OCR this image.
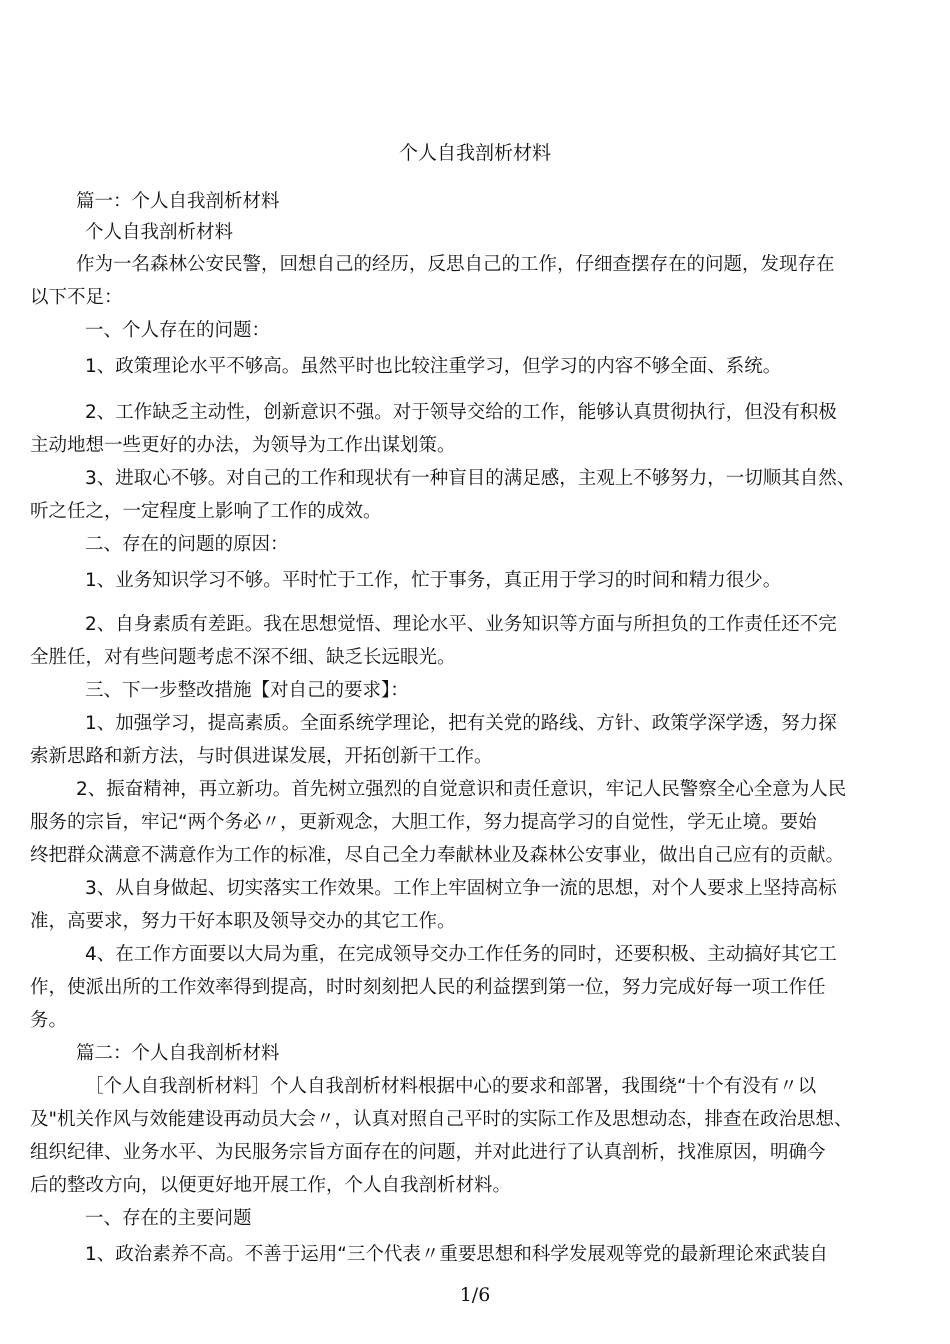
个人自我剖析材料
篇一：个人自我剖析材料
个人自我剖析材料
作为一名森林公安民警，回想自己的经历，反思自己的工作，仔细查摆存在的问题，发现存在
以下不足：
一、个人存在的问题：
1、政策理论水平不够高。虽然平时也比较注重学习，但学习的内容不够全面、系统。
2、工作缺乏主动性，创新意识不强。对于领导交给的工作，能够认真贯彻执行，但没有积极
主动地想一些更好的办法，为领导为工作出谋划策。
3、进取心不够。对自己的工作和现状有一种盲目的满足感，主观上不够努力，一切顺其自然、
听之任之，一定程度上影响了工作的成效。
二、存在的问题的原因：
1、业务知识学习不够。平时忙于工作，忙于事务，真正用于学习的时间和精力很少。
2、自身素质有差距。我在思想觉悟、理论水平、业务知识等方面与所担负的工作责任还不完
全胜任，对有些问题考虑不深不细、缺乏长远眼光。
三、下一步整改措施【对自己的要求】：
1、加强学习，提高素质。全面系统学理论，把有关党的路线、方针、政策学深学透，努力探
索新思路和新方法，与时俱进谋发展，开拓创新干工作。
2、振奋精神，再立新功。首先树立强烈的自觉意识和责任意识，牢记人民警察全心全意为人民
服务的宗旨，牢记“两个务必〃，更新观念，大胆工作，努力提高学习的自觉性，学无止境。要始
终把群众满意不满意作为工作的标准，尽自己全力奉献林业及森林公安事业，做出自己应有的贡献。
3、从自身做起、切实落实工作效果。工作上牢固树立争一流的思想，对个人要求上坚持高标
准，高要求，努力干好本职及领导交办的其它工作。
4、在工作方面要以大局为重，在完成领导交办工作任务的同时，还要积极、主动搞好其它工
作，使派出所的工作效率得到提高，时时刻刻把人民的利益摆到第一位，努力完成好每一项工作任
务。
篇二：个人自我剖析材料
［个人自我剖析材料］个人自我剖析材料根据中心的要求和部署，我围绕“十个有没有〃以
及"机关作风与效能建设再动员大会〃，认真对照自己平时的实际工作及思想动态，排查在政治思想、
组织纪律、业务水平、为民服务宗旨方面存在的问题，并对此进行了认真剖析，找准原因，明确今
后的整改方向，以便更好地开展工作，个人自我剖析材料。
一、存在的主要问题
1、政治素养不高。不善于运用“三个代表〃重要思想和科学发展观等党的最新理论來武装自
1/6
